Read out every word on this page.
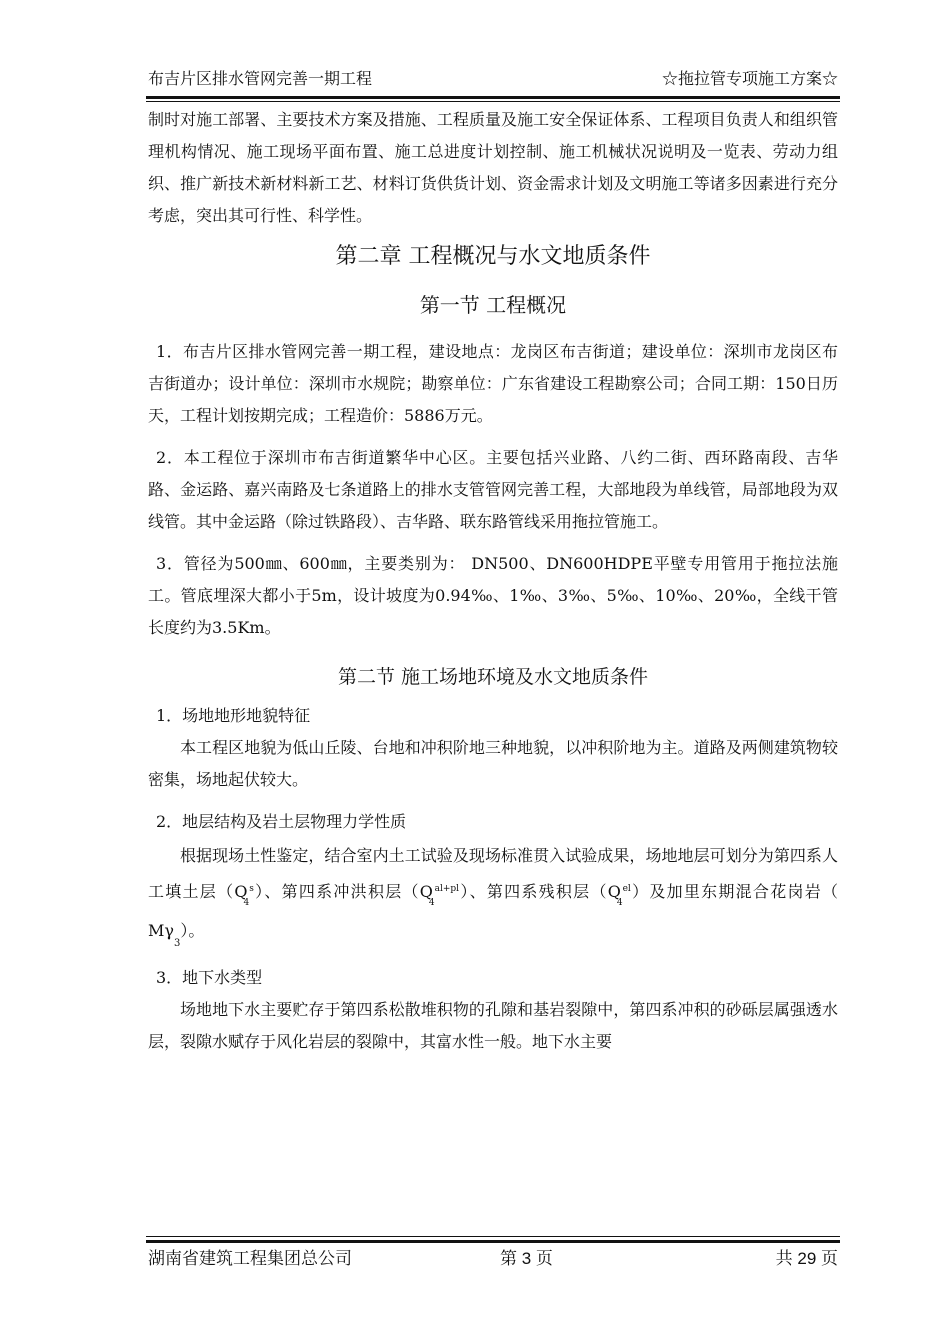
布吉片区排水管网完善一期工程	☆拖拉管专项施工方案☆

制时对施工部署、主要技术方案及措施、工程质量及施工安全保证体系、工程项目负责人和组织管理机构情况、施工现场平面布置、施工总进度计划控制、施工机械状况说明及一览表、劳动力组织、推广新技术新材料新工艺、材料订货供货计划、资金需求计划及文明施工等诸多因素进行充分考虑，突出其可行性、科学性。

第二章 工程概况与水文地质条件

第一节 工程概况

1．布吉片区排水管网完善一期工程，建设地点：龙岗区布吉街道；建设单位：深圳市龙岗区布吉街道办；设计单位：深圳市水规院；勘察单位：广东省建设工程勘察公司；合同工期：150日历天，工程计划按期完成；工程造价：5886万元。

2．本工程位于深圳市布吉街道繁华中心区。主要包括兴业路、八约二街、西环路南段、吉华路、金运路、嘉兴南路及七条道路上的排水支管管网完善工程，大部地段为单线管，局部地段为双线管。其中金运路（除过铁路段）、吉华路、联东路管线采用拖拉管施工。

3．管径为500㎜、600㎜，主要类别为： DN500、DN600HDPE平壁专用管用于拖拉法施工。管底埋深大都小于5m，设计坡度为0.94‰、1‰、3‰、5‰、10‰、20‰，全线干管长度约为3.5Km。

第二节 施工场地环境及水文地质条件

1．场地地形地貌特征

本工程区地貌为低山丘陵、台地和冲积阶地三种地貌，以冲积阶地为主。道路及两侧建筑物较密集，场地起伏较大。

2．地层结构及岩土层物理力学性质

根据现场土性鉴定，结合室内土工试验及现场标准贯入试验成果，场地地层可划分为第四系人工填土层$(Q_4^s)$、第四系冲洪积层$(Q_4^{al+pl})$、第四系残积层$(Q_4^{el})$及加里东期混合花岗岩（ $M\gamma_3$）。

3．地下水类型

场地地下水主要贮存于第四系松散堆积物的孔隙和基岩裂隙中，第四系冲积的砂砾层属强透水层，裂隙水赋存于风化岩层的裂隙中，其富水性一般。地下水主要

湖南省建筑工程集团总公司	第 3 页	共 29 页
